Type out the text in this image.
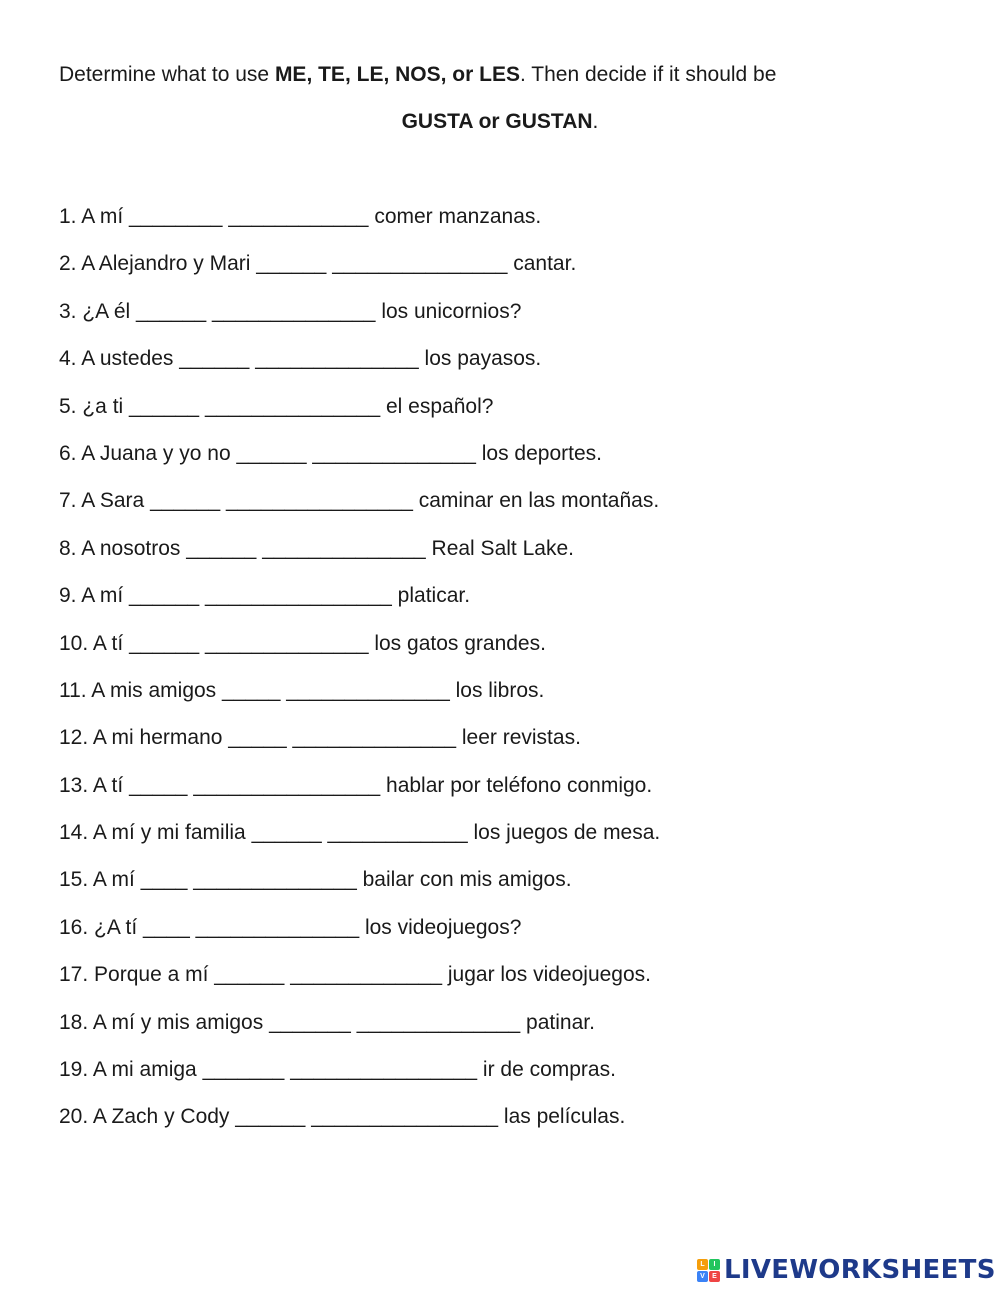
Determine what to use ME, TE, LE, NOS, or LES. Then decide if it should be
GUSTA or GUSTAN.
1. A mí ________ ____________ comer manzanas.
2. A Alejandro y Mari ______ _______________ cantar.
3. ¿A él ______ ______________ los unicornios?
4. A ustedes ______ ______________ los payasos.
5. ¿a ti ______ _______________ el español?
6. A Juana y yo no ______ ______________ los deportes.
7. A Sara ______ ________________ caminar en las montañas.
8. A nosotros ______ ______________ Real Salt Lake.
9. A mí ______ ________________ platicar.
10. A tí ______ ______________ los gatos grandes.
11. A mis amigos _____ ______________ los libros.
12. A mi hermano _____ ______________ leer revistas.
13. A tí _____ ________________ hablar por teléfono conmigo.
14. A mí y mi familia ______ ____________ los juegos de mesa.
15. A mí ____ ______________ bailar con mis amigos.
16. ¿A tí ____ ______________ los videojuegos?
17. Porque a mí ______ _____________ jugar los videojuegos.
18. A mí y mis amigos _______ ______________ patinar.
19. A mi amiga _______ ________________ ir de compras.
20. A Zach y Cody ______ ________________ las películas.
L	I
V	E LIVEWORKSHEETS
